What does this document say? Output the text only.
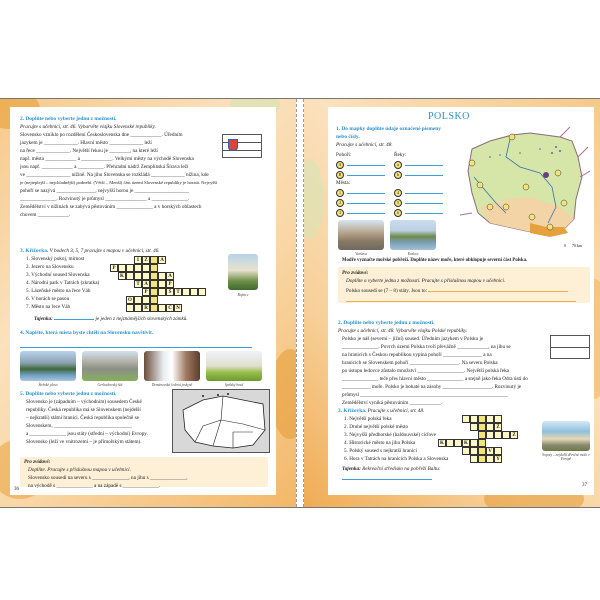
2. Doplňte nebo vyberte jednu z možností.
Pracujte s učebnicí, str. 46. Vybarvěte vlajku Slovenské republiky.
Slovensko vzniklo po rozdělení Československa dne ____________. Úředním
jazykem je _____________. Hlavní město _____________ leží
na řece _____________. Největší řekou je ________, na které leží
např. města ____________ a ____________. Velkými městy na východě Slovenska
jsou např. ____________ a __________. Přehradní nádrž Zemplínská Šírava leží
ve _________________ nížině. Na jihu Slovenska se rozkládá _____________ nížina, kde
je (nejteplejší – nejchladnější) podnebí. (Větší – Menší) část území Slovenské republiky je horatá. Nejvyšší
pohoří se nazývá _______________, nejvyšší horou je _____________________
______________. Rozvinutý je průmysl ________________ a ______________.
Zemědělství v nížinách se zabývá pěstováním ______________ a v horských oblastech
chovem ____________.
3. Křížovka. V bodech 3, 5, 7 pracujte s mapou v učebnici, str. 46.
1. Slovenský pokoj, mírnost
2. Jezero na Slovensku
3. Východní soused Slovenska
4. Národní park v Tatrách (zkratka)
5. Lázeňské město na řece Váh
6. V horách se pasou
7. Město na řece Váh
Tajenka:	je jeden z nejznámějších slovenských zámků.
I	Ž	A
P
K	A
T A	P
P	Š T
O
R	Č N
Bojnice
4. Napište, která místa byste chtěli na Slovensku navštívit.
Štrbské pleso	Gerlachovský štít	Demänovská ledová jeskyně	Spišský hrad
5. Doplňte nebo vyberte jednu z možností.
Slovensko je (západním – východním) sousedem České
republiky. Česká republika má se Slovenskem (nejdelší
– nejkratší) státní hranici. Česká republika společně se
Slovenskem, ______________________________
a ______________ jsou státy (střední – východní) Evropy.
Slovensko (leží ve vnitrozemí – je přímořským státem).
Pro zvídavé:
Doplňte. Pracujte s příslušnou mapou v učebnici.
Slovensko sousedí na severu s ______________, na jihu s ______________,
na východě s ______________ a na západě s ______________.
36
POLSKO
1. Do mapky doplňte údaje označené písmeny nebo čísly.
Pracujte s učebnicí, str. 48.
Pohoří:
A
B
Města:
1
2
3
Řeky:
a
b

4
5
6
Varšava	Krakov
0      70 km
Modře vyznačte mořské pobřeží. Doplňte název moře, které obklopuje severní část Polska.
Pro zvídavé:
Doplňte a vyberte jednu z možností. Pracujte s příslušnou mapou v učebnici.
Polsko sousedí se (7 – 8) státy. Jsou to:
2. Doplňte nebo vyberte jednu z možností.
Pracujte s učebnicí, str. 48. Vybarvěte vlajku Polské republiky.
Polsko je náš (severní – jižní) soused. Úředním jazykem v Polsku je
______________. Povrch území Polska tvoří převážně ____________, na jihu se
na hranicích s Českou republikou vypíná pohoří _______________ a na
hranicích se Slovenskem pohoří ___________________. Na severu Polska
po ústupu ledovce zůstalo množství __________________. Největší polská řeka
______________ teče přes hlavní město ______________ a stejně jako řeka Odra ústí do
___________ moře. Polsko je bohaté na zásoby ___________________. Rozvinutý je
průmysl _________________________________________________________
Zemědělství vyniká pěstováním ____________.
3. Křížovka. Pracujte s učebnicí, str. 48.
1. Největší polská řeka
2. Druhé největší polské město
3. Nejvyšší předhorské (haldouvské) cíďove
4. Historické město na jihu Polska
5. Polský soused s nejkratší hranicí
6. Hora v Tatrách na hranicích Polska a Slovenska
Tajenka: Rekreační středisko na pobřeží Baltu:
Ž
Ž
K	K
V
Y
Sopoty – nejdelší dřevěné molo v Evropě
37
